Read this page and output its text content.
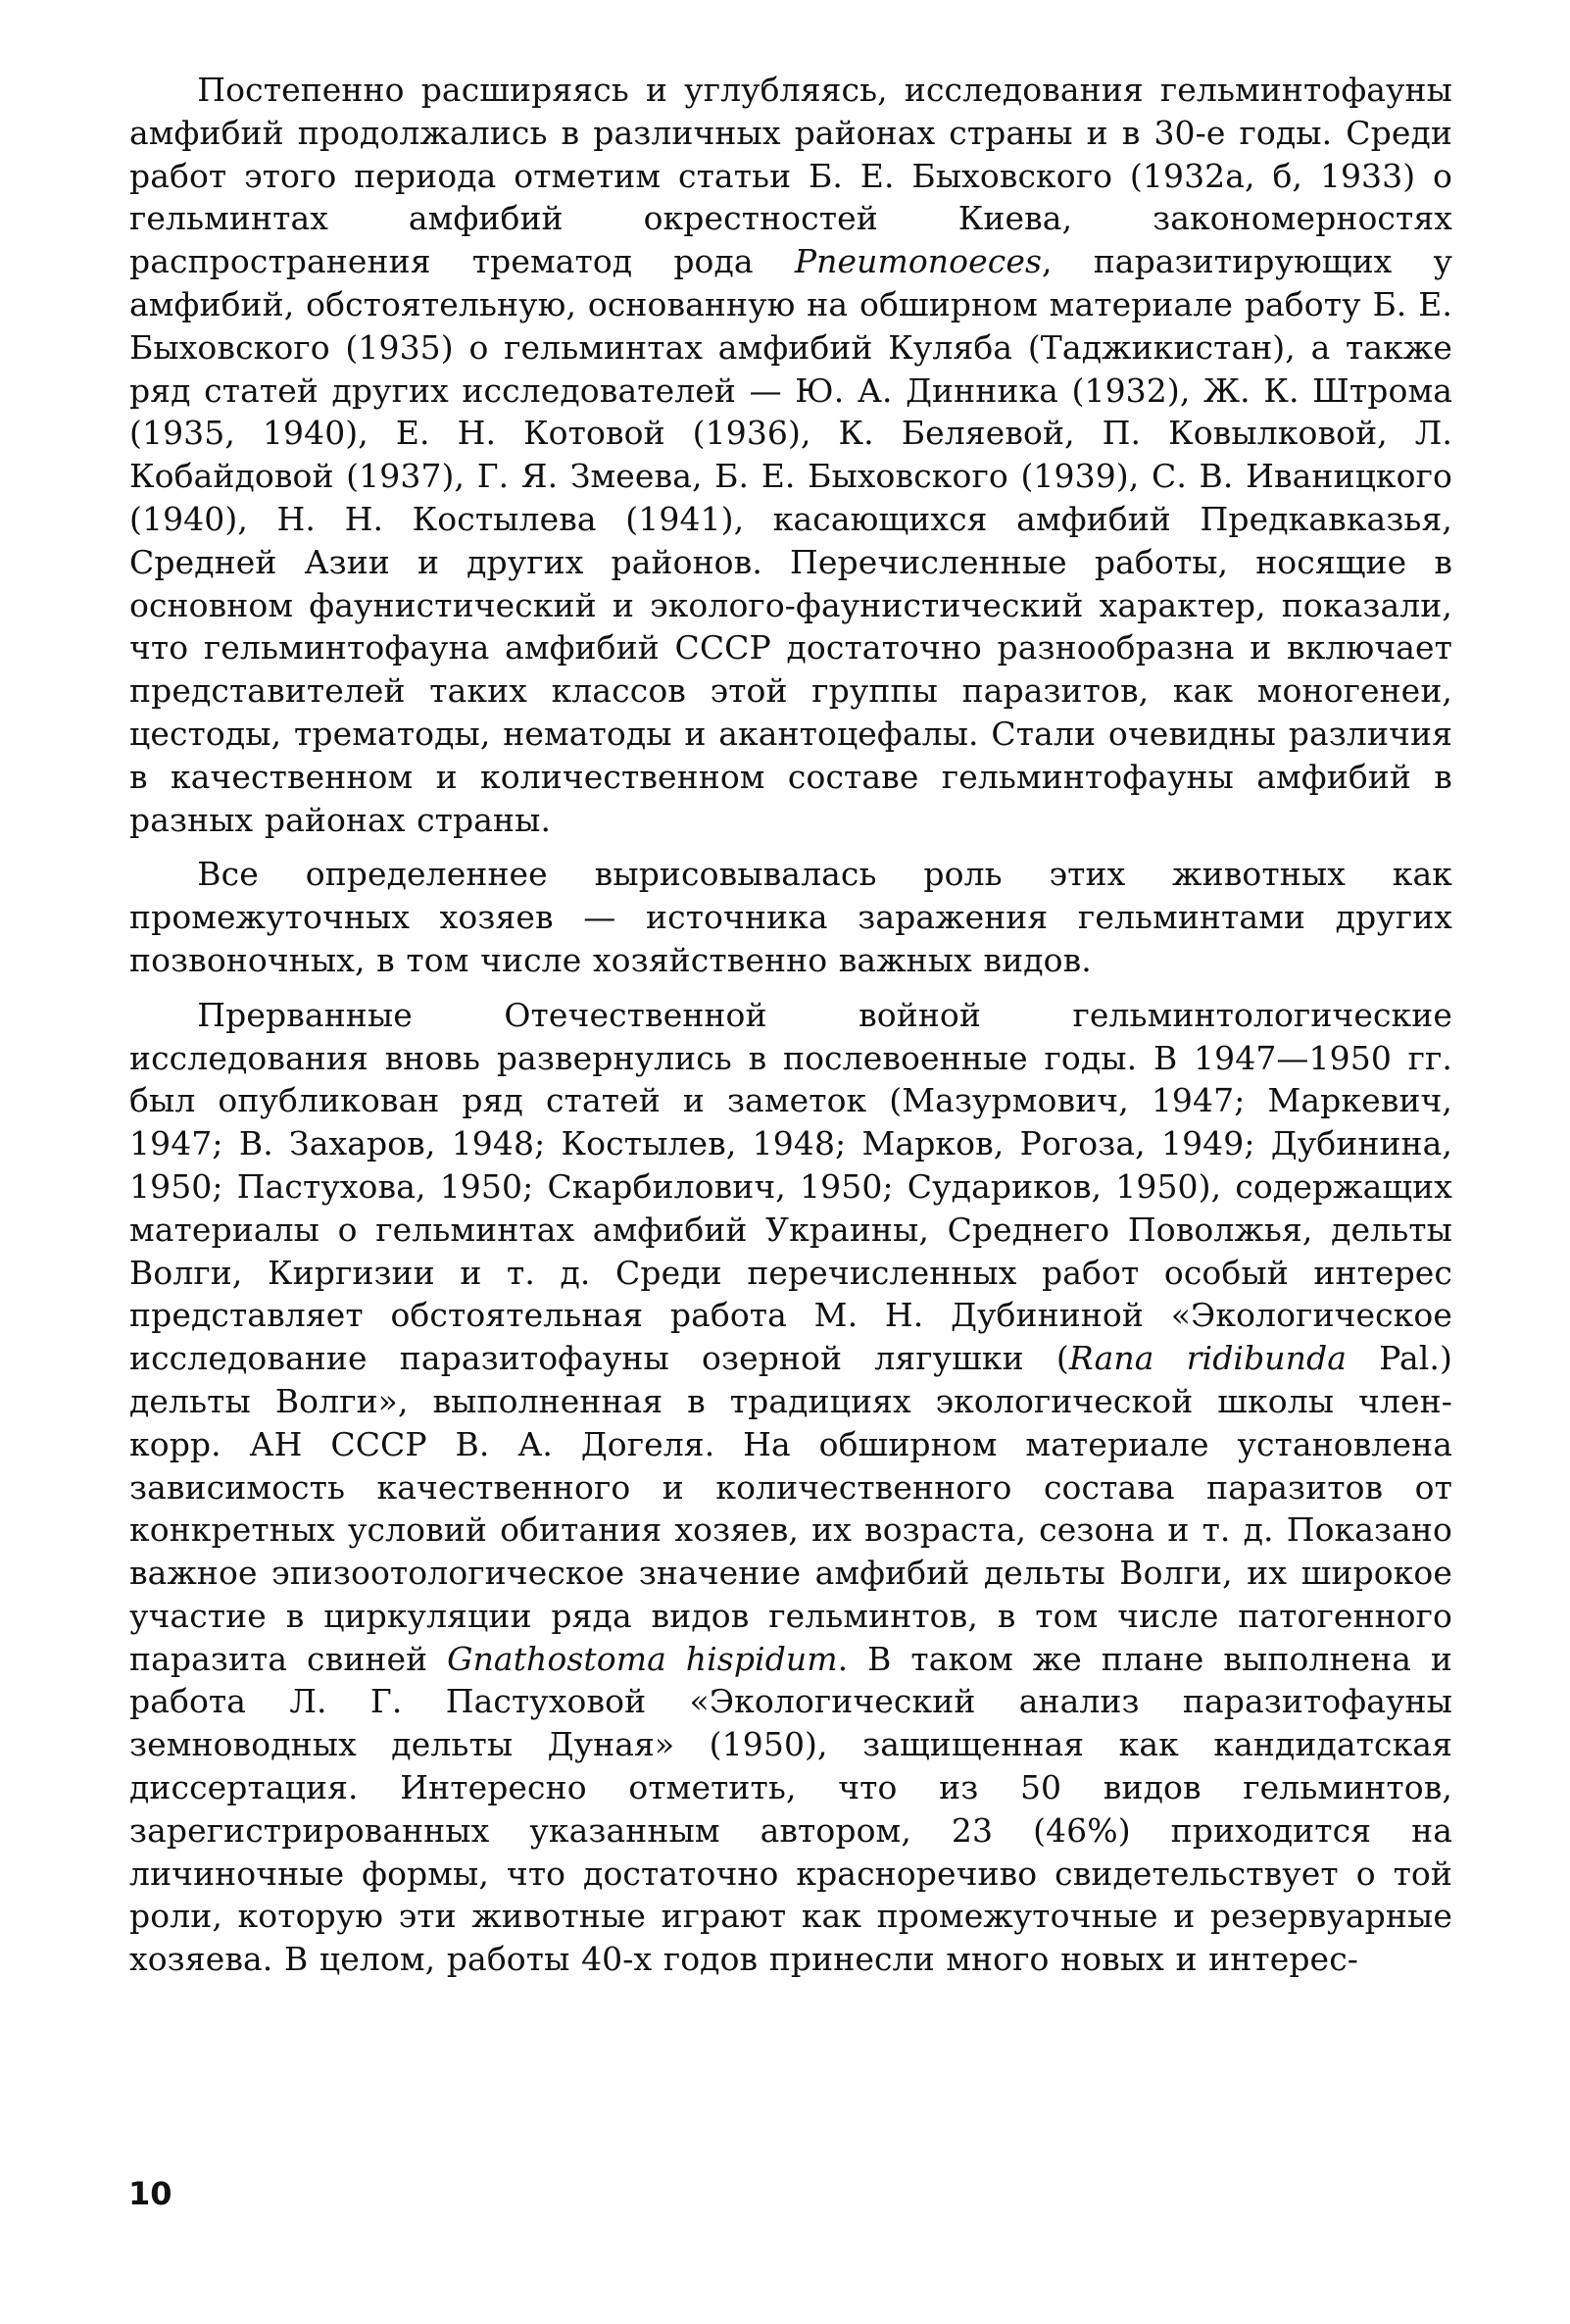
Постепенно расширяясь и углубляясь, исследования гельминтофауны амфибий продолжались в различных районах страны и в 30-е годы. Среди работ этого периода отметим статьи Б. Е. Быховского (1932а, б, 1933) о гельминтах амфибий окрестностей Киева, закономерностях распространения трематод рода Pneumonoeces, паразитирующих у амфибий, обстоятельную, основанную на обширном материале работу Б. Е. Быховского (1935) о гельминтах амфибий Куляба (Таджикистан), а также ряд статей других исследователей — Ю. А. Динника (1932), Ж. К. Штрома (1935, 1940), Е. Н. Котовой (1936), К. Беляевой, П. Ковылковой, Л. Кобайдовой (1937), Г. Я. Змеева, Б. Е. Быховского (1939), С. В. Иваницкого (1940), Н. Н. Костылева (1941), касающихся амфибий Предкавказья, Средней Азии и других районов. Перечисленные работы, носящие в основном фаунистический и эколого-фаунистический характер, показали, что гельминтофауна амфибий СССР достаточно разнообразна и включает представителей таких классов этой группы паразитов, как моногенеи, цестоды, трематоды, нематоды и акантоцефалы. Стали очевидны различия в качественном и количественном составе гельминтофауны амфибий в разных районах страны.

Все определеннее вырисовывалась роль этих животных как промежуточных хозяев — источника заражения гельминтами других позвоночных, в том числе хозяйственно важных видов.

Прерванные Отечественной войной гельминтологические исследования вновь развернулись в послевоенные годы. В 1947—1950 гг. был опубликован ряд статей и заметок (Мазурмович, 1947; Маркевич, 1947; В. Захаров, 1948; Костылев, 1948; Марков, Рогоза, 1949; Дубинина, 1950; Пастухова, 1950; Скарбилович, 1950; Судариков, 1950), содержащих материалы о гельминтах амфибий Украины, Среднего Поволжья, дельты Волги, Киргизии и т. д. Среди перечисленных работ особый интерес представляет обстоятельная работа М. Н. Дубининой «Экологическое исследование паразитофауны озерной лягушки (Rana ridibunda Pal.) дельты Волги», выполненная в традициях экологической школы член-корр. АН СССР В. А. Догеля. На обширном материале установлена зависимость качественного и количественного состава паразитов от конкретных условий обитания хозяев, их возраста, сезона и т. д. Показано важное эпизоотологическое значение амфибий дельты Волги, их широкое участие в циркуляции ряда видов гельминтов, в том числе патогенного паразита свиней Gnathostoma hispidum. В таком же плане выполнена и работа Л. Г. Пастуховой «Экологический анализ паразитофауны земноводных дельты Дуная» (1950), защищенная как кандидатская диссертация. Интересно отметить, что из 50 видов гельминтов, зарегистрированных указанным автором, 23 (46%) приходится на личиночные формы, что достаточно красноречиво свидетельствует о той роли, которую эти животные играют как промежуточные и резервуарные хозяева. В целом, работы 40-х годов принесли много новых и интерес-

10
